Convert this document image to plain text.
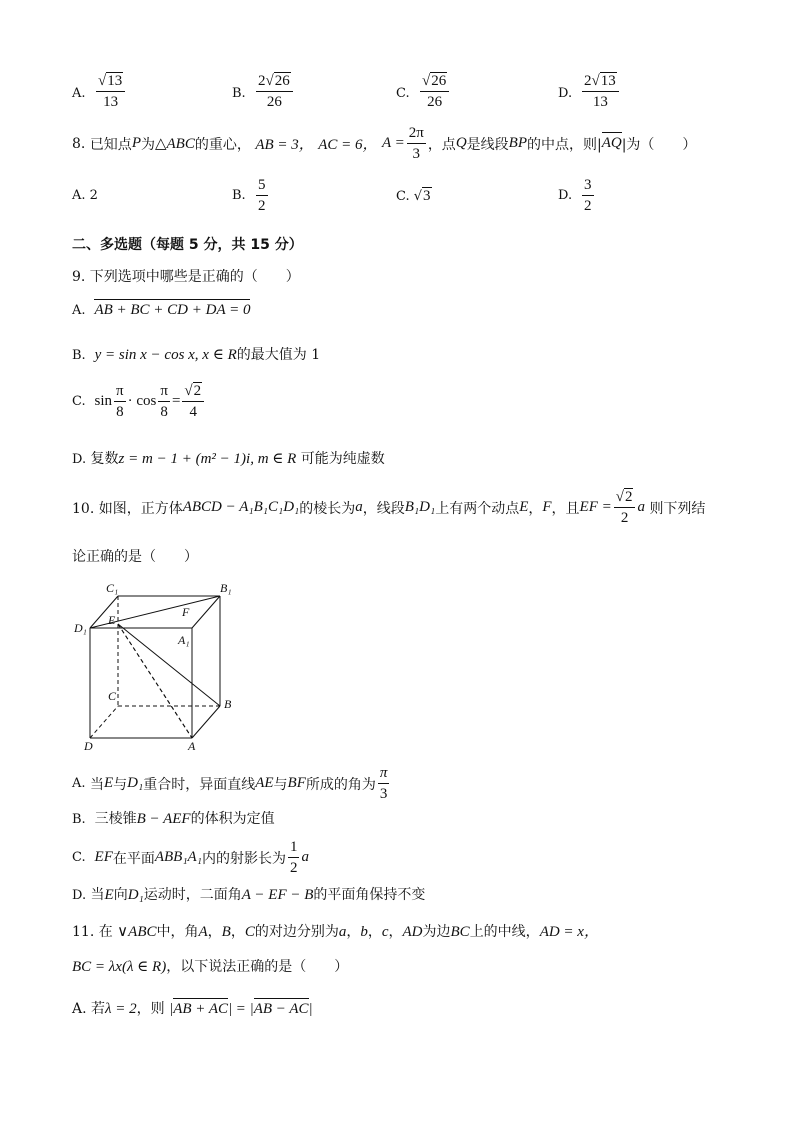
A. $\frac{√13}{13}$	B. $\frac{2√26}{26}$	C. $\frac{√26}{26}$	D. $\frac{2√13}{13}$
8.
已知点 P 为 △ABC 的重心，
AB = 3，
AC = 6，
$A = \frac{2\pi}{3}$ ，点 Q 是线段 BP 的中点，则| AQ |为（　　）
A. 2	B. $\frac{5}{2}$	C. √3	D. $\frac{3}{2}$
二、多选题（每题 5 分，共 15 分）
9. 下列选项中哪些是正确的（　　）
A. AB + BC + CD + DA = 0
B. y = sin x − cos x, x ∈ R的最大值为 1
C.
$\sin \frac{\pi}{8} \cdot \cos \frac{\pi}{8} = \frac{√2}{4}$
D. 复数z = m − 1 + (m² − 1)i, m ∈ R 可能为纯虚数
10. 如图，正方体 ABCD − A₁B₁C₁D₁ 的棱长为 a ，线段 B₁D₁ 上有两个动点 E ， F ，且 EF = $\frac{√2}{2}$ a
则下列结
论正确的是（　　）
C₁	B₁
D₁
E
F
A₁
C
B
D	A
A.
当 E 与 D₁ 重合时，异面直线 AE 与 BF 所成的角为 $\frac{\pi}{3}$
B. 三棱锥B − AEF的体积为定值
C.
EF 在平面 ABB₁A₁ 内的射影长为 $\frac{1}{2}$ a
D. 当E向D₁运动时，二面角A − EF − B的平面角保持不变
11. 在 ∨ABC中，角A，B，C的对边分别为a，b，c，AD为边BC上的中线，AD = x，
BC = λx(λ ∈ R)，以下说法正确的是（　　）
A. 若λ = 2，则 |AB + AC| = |AB − AC|
